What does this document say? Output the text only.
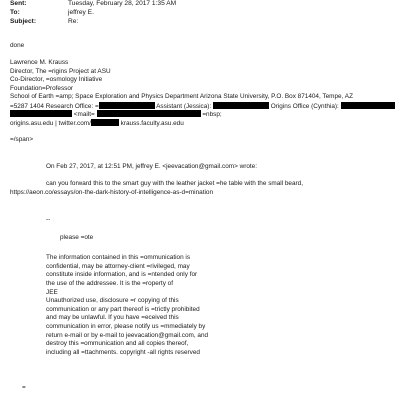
Sent:	Tuesday, February 28, 2017 1:35 AM
To:	jeffrey E.
Subject:	Re:

done

Lawrence M. Krauss

Director, The =rigins Project at ASU

Co-Director, =osmology Initiative

Foundation=Professor

School of Earth =amp; Space Exploration and Physics Department Arizona State University, P.O. Box 871404, Tempe, AZ

=5287 1404 Research Office: =	Assistant (Jessica):	Origins Office (Cynthia):

<mailt=	=nbsp;

origins.asu.edu | twitter.com/	krauss.faculty.asu.edu

=/span>

On Feb 27, 2017, at 12:51 PM, jeffrey E. <jeevacation@gmail.com> wrote:

can you forward this to the smart guy with the leather jacket =he table with the small beard,

https://aeon.co/essays/on-the-dark-history-of-intelligence-as-d=mination

--

please =ote

The information contained in this =ommunication is

confidential, may be attorney-client =rivileged, may

constitute inside information, and is =ntended only for

the use of the addressee. It is the =roperty of

JEE

Unauthorized use, disclosure =r copying of this

communication or any part thereof is =trictly prohibited

and may be unlawful. If you have =eceived this

communication in error, please notify us =mmediately by

return e-mail or by e-mail to jeevacation@gmail.com, and

destroy this =ommunication and all copies thereof,

including all =ttachments. copyright -all rights reserved

=
